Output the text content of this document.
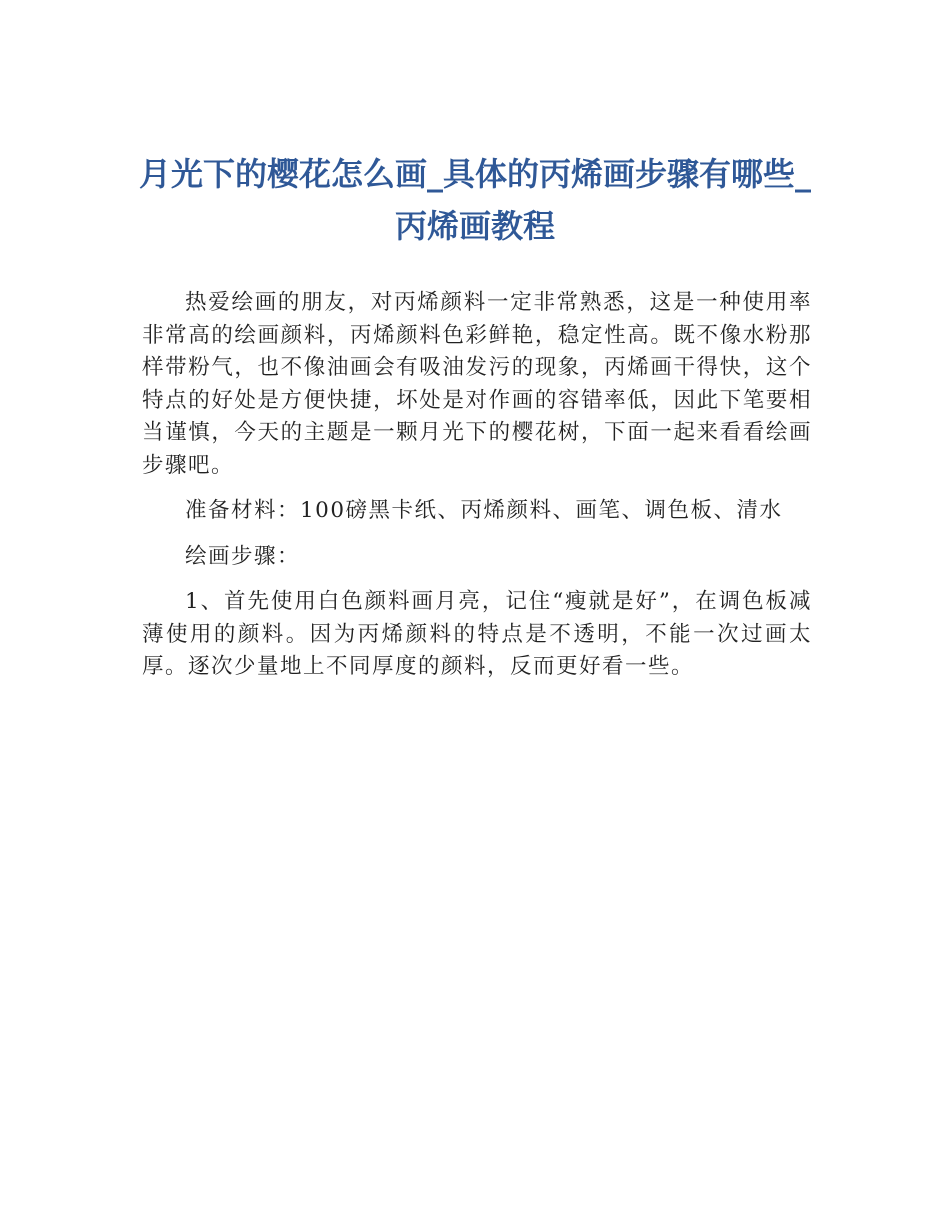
月光下的樱花怎么画_具体的丙烯画步骤有哪些_丙烯画教程

热爱绘画的朋友，对丙烯颜料一定非常熟悉，这是一种使用率非常高的绘画颜料，丙烯颜料色彩鲜艳，稳定性高。既不像水粉那样带粉气，也不像油画会有吸油发污的现象，丙烯画干得快，这个特点的好处是方便快捷，坏处是对作画的容错率低，因此下笔要相当谨慎，今天的主题是一颗月光下的樱花树，下面一起来看看绘画步骤吧。

准备材料：100磅黑卡纸、丙烯颜料、画笔、调色板、清水

绘画步骤：

1、首先使用白色颜料画月亮，记住“瘦就是好”，在调色板减薄使用的颜料。因为丙烯颜料的特点是不透明，不能一次过画太厚。逐次少量地上不同厚度的颜料，反而更好看一些。
